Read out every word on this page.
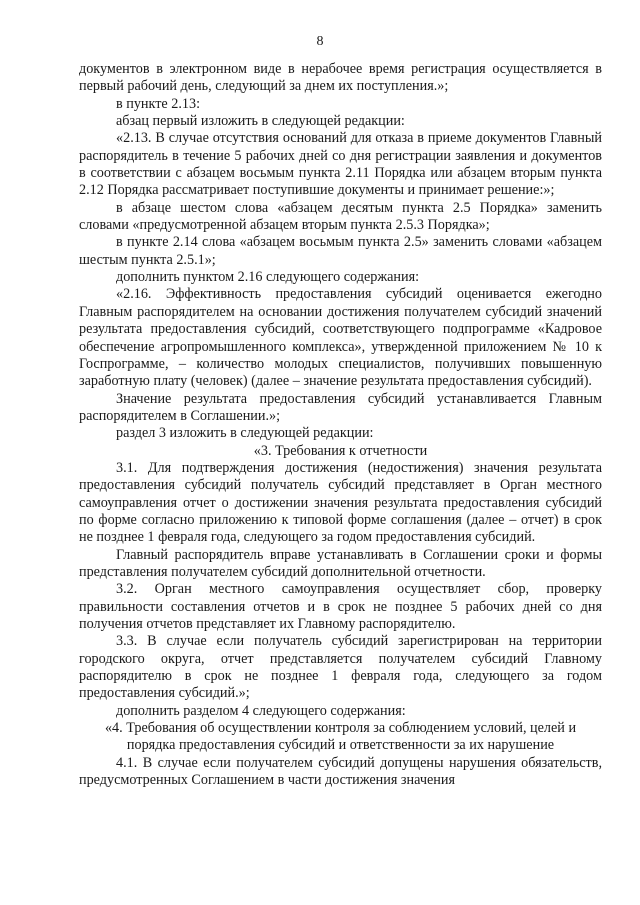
8

документов в электронном виде в нерабочее время регистрация осуществляется в первый рабочий день, следующий за днем их поступления.»;

в пункте 2.13:

абзац первый изложить в следующей редакции:

«2.13. В случае отсутствия оснований для отказа в приеме документов Главный распорядитель в течение 5 рабочих дней со дня регистрации заявления и документов в соответствии с абзацем восьмым пункта 2.11 Порядка или абзацем вторым пункта 2.12 Порядка рассматривает поступившие документы и принимает решение:»;

в абзаце шестом слова «абзацем десятым пункта 2.5 Порядка» заменить словами «предусмотренной абзацем вторым пункта 2.5.3 Порядка»;

в пункте 2.14 слова «абзацем восьмым пункта 2.5» заменить словами «абзацем шестым пункта 2.5.1»;

дополнить пунктом 2.16 следующего содержания:

«2.16. Эффективность предоставления субсидий оценивается ежегодно Главным распорядителем на основании достижения получателем субсидий значений результата предоставления субсидий, соответствующего подпрограмме «Кадровое обеспечение агропромышленного комплекса», утвержденной приложением № 10 к Госпрограмме, – количество молодых специалистов, получивших повышенную заработную плату (человек) (далее – значение результата предоставления субсидий).

Значение результата предоставления субсидий устанавливается Главным распорядителем в Соглашении.»;

раздел 3 изложить в следующей редакции:

«3. Требования к отчетности

3.1. Для подтверждения достижения (недостижения) значения результата предоставления субсидий получатель субсидий представляет в Орган местного самоуправления отчет о достижении значения результата предоставления субсидий по форме согласно приложению к типовой форме соглашения (далее – отчет) в срок не позднее 1 февраля года, следующего за годом предоставления субсидий.

Главный распорядитель вправе устанавливать в Соглашении сроки и формы представления получателем субсидий дополнительной отчетности.

3.2. Орган местного самоуправления осуществляет сбор, проверку правильности составления отчетов и в срок не позднее 5 рабочих дней со дня получения отчетов представляет их Главному распорядителю.

3.3. В случае если получатель субсидий зарегистрирован на территории городского округа, отчет представляется получателем субсидий Главному распорядителю в срок не позднее 1 февраля года, следующего за годом предоставления субсидий.»;

дополнить разделом 4 следующего содержания:

«4. Требования об осуществлении контроля за соблюдением условий, целей и порядка предоставления субсидий и ответственности за их нарушение

4.1. В случае если получателем субсидий допущены нарушения обязательств, предусмотренных Соглашением в части достижения значения
